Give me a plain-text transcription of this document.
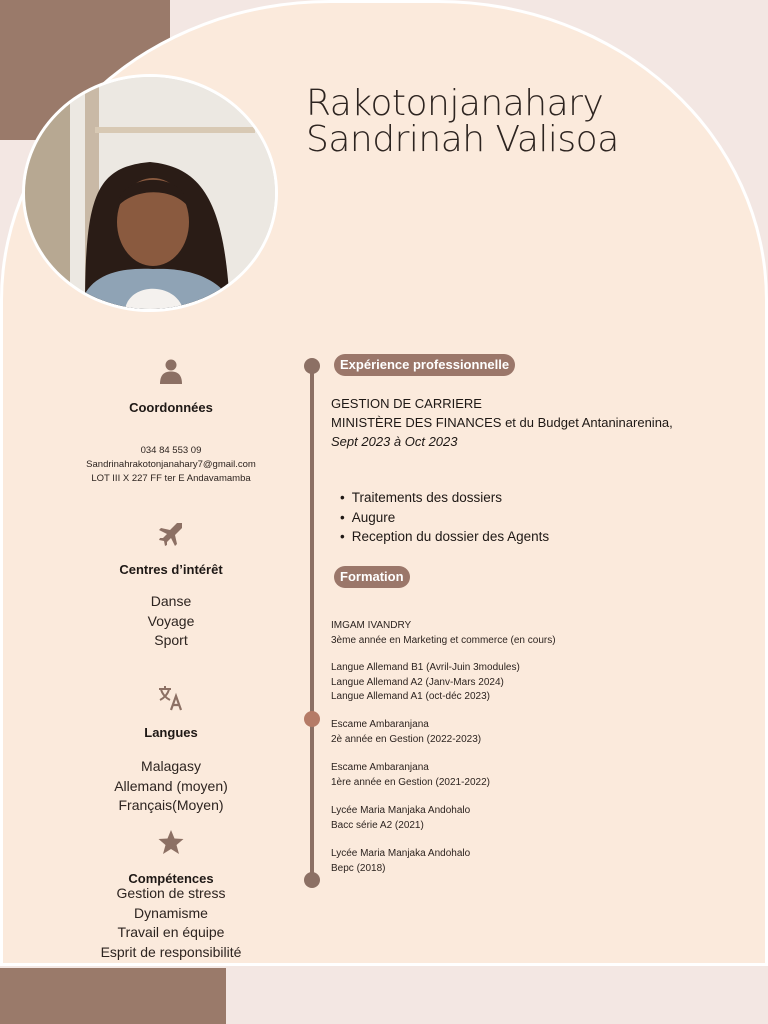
Rakotonjanahary
Sandrinah Valisoa
Coordonnées
034 84 553 09
Sandrinahrakotonjanahary7@gmail.com
LOT III X 227 FF ter E Andavamamba
Centres d’intérêt
Danse
Voyage
Sport
Langues
Malagasy
Allemand (moyen)
Français(Moyen)
Compétences
Gestion de stress
Dynamisme
Travail en équipe
Esprit de responsibilité
Expérience professionnelle
GESTION DE CARRIERE
MINISTÈRE DES FINANCES et du Budget Antaninarenina,
Sept 2023 à Oct 2023
• Traitements des dossiers
• Augure
• Reception du dossier des Agents
Formation
IMGAM IVANDRY
3ème année en Marketing et commerce (en cours)
Langue Allemand B1 (Avril-Juin 3modules)
Langue Allemand A2 (Janv-Mars 2024)
Langue Allemand A1 (oct-déc 2023)
Escame Ambaranjana
2è année en Gestion (2022-2023)
Escame Ambaranjana
1ère année en Gestion (2021-2022)
Lycée Maria Manjaka Andohalo
Bacc série A2 (2021)
Lycée Maria Manjaka Andohalo
Bepc (2018)
